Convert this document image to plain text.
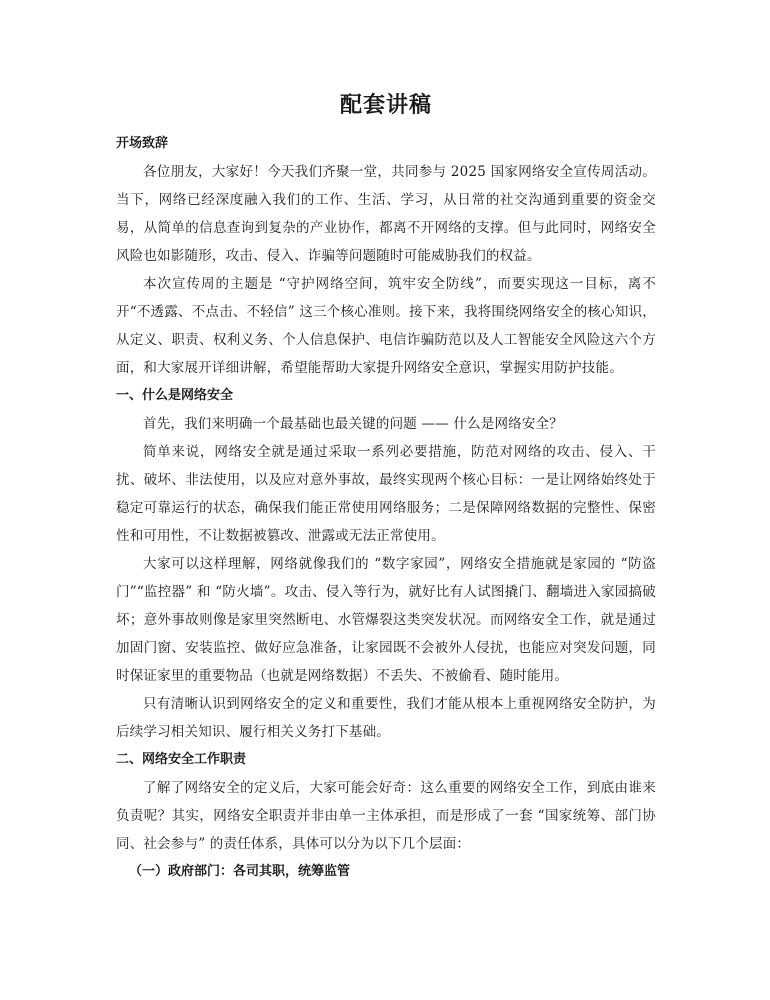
配套讲稿
开场致辞

各位朋友，大家好！今天我们齐聚一堂，共同参与 2025 国家网络安全宣传周活动。当下，网络已经深度融入我们的工作、生活、学习，从日常的社交沟通到重要的资金交易，从简单的信息查询到复杂的产业协作，都离不开网络的支撑。但与此同时，网络安全风险也如影随形，攻击、侵入、诈骗等问题随时可能威胁我们的权益。

本次宣传周的主题是 “守护网络空间，筑牢安全防线”，而要实现这一目标，离不开“不透露、不点击、不轻信” 这三个核心准则。接下来，我将围绕网络安全的核心知识，从定义、职责、权利义务、个人信息保护、电信诈骗防范以及人工智能安全风险这六个方面，和大家展开详细讲解，希望能帮助大家提升网络安全意识，掌握实用防护技能。

一、什么是网络安全

首先，我们来明确一个最基础也最关键的问题 —— 什么是网络安全？

简单来说，网络安全就是通过采取一系列必要措施，防范对网络的攻击、侵入、干扰、破坏、非法使用，以及应对意外事故，最终实现两个核心目标：一是让网络始终处于稳定可靠运行的状态，确保我们能正常使用网络服务；二是保障网络数据的完整性、保密性和可用性，不让数据被篡改、泄露或无法正常使用。

大家可以这样理解，网络就像我们的 “数字家园”，网络安全措施就是家园的 “防盗门”“监控器” 和 “防火墙”。攻击、侵入等行为，就好比有人试图撬门、翻墙进入家园搞破坏；意外事故则像是家里突然断电、水管爆裂这类突发状况。而网络安全工作，就是通过加固门窗、安装监控、做好应急准备，让家园既不会被外人侵扰，也能应对突发问题，同时保证家里的重要物品（也就是网络数据）不丢失、不被偷看、随时能用。

只有清晰认识到网络安全的定义和重要性，我们才能从根本上重视网络安全防护，为后续学习相关知识、履行相关义务打下基础。

二、网络安全工作职责

了解了网络安全的定义后，大家可能会好奇：这么重要的网络安全工作，到底由谁来负责呢？其实，网络安全职责并非由单一主体承担，而是形成了一套 “国家统筹、部门协同、社会参与” 的责任体系，具体可以分为以下几个层面：

（一）政府部门：各司其职，统筹监管
